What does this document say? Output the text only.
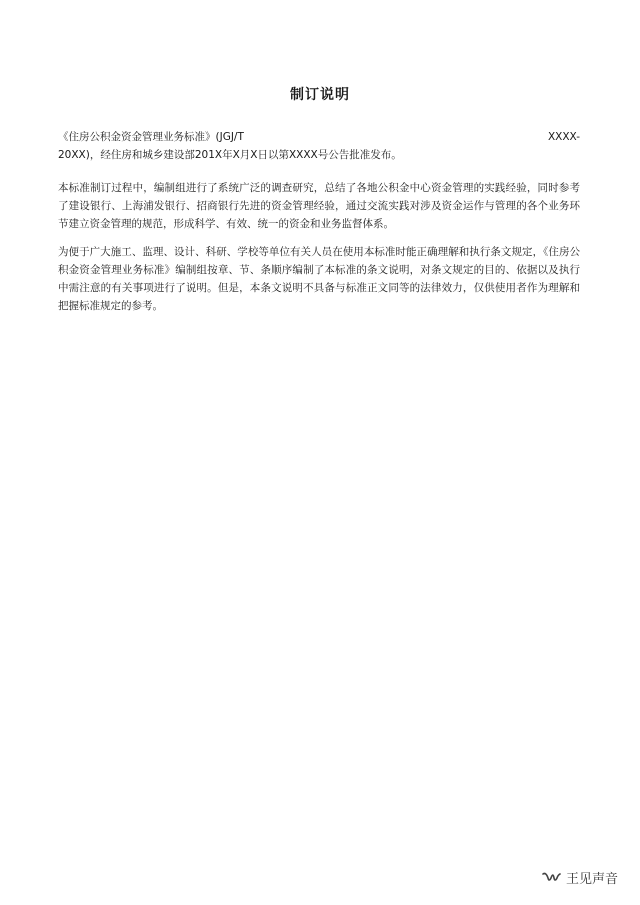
制订说明
《住房公积金资金管理业务标准》(JGJ/T	XXXX-
20XX)，经住房和城乡建设部201X年X月X日以第XXXX号公告批准发布。
本标准制订过程中，编制组进行了系统广泛的调查研究，总结了各地公积金中心资金管理的实践经验，同时参考了建设银行、上海浦发银行、招商银行先进的资金管理经验，通过交流实践对涉及资金运作与管理的各个业务环节建立资金管理的规范，形成科学、有效、统一的资金和业务监督体系。
为便于广大施工、监理、设计、科研、学校等单位有关人员在使用本标准时能正确理解和执行条文规定，《住房公积金资金管理业务标准》编制组按章、节、条顺序编制了本标准的条文说明，对条文规定的目的、依据以及执行中需注意的有关事项进行了说明。但是，本条文说明不具备与标准正文同等的法律效力，仅供使用者作为理解和把握标准规定的参考。
王见声音
